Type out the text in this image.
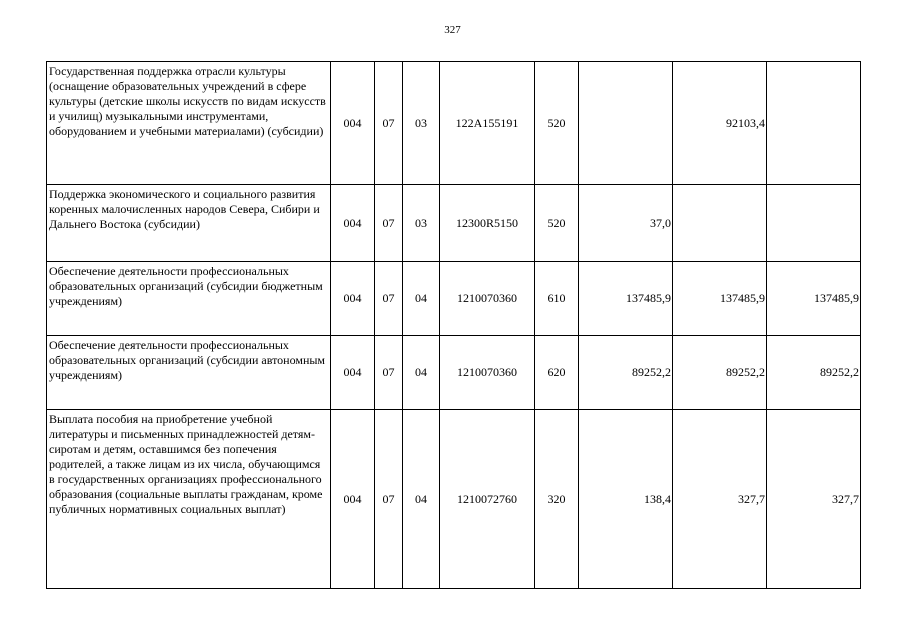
327
Государственная поддержка отрасли культуры (оснащение образовательных учреждений в сфере культуры (детские школы искусств по видам искусств и училищ) музыкальными инструментами, оборудованием и учебными материалами) (субсидии)	004	07	03	122A155191	520		92103,4	
Поддержка экономического и социального развития коренных малочисленных народов Севера, Сибири и Дальнего Востока (субсидии)	004	07	03	12300R5150	520	37,0		
Обеспечение деятельности профессиональных образовательных организаций (субсидии бюджетным учреждениям)	004	07	04	1210070360	610	137485,9	137485,9	137485,9
Обеспечение деятельности профессиональных образовательных организаций (субсидии автономным учреждениям)	004	07	04	1210070360	620	89252,2	89252,2	89252,2
Выплата пособия на приобретение учебной литературы и письменных принадлежностей детям-сиротам и детям, оставшимся без попечения родителей, а также лицам из их числа, обучающимся в государственных организациях профессионального образования (социальные выплаты гражданам, кроме публичных нормативных социальных выплат)	004	07	04	1210072760	320	138,4	327,7	327,7
